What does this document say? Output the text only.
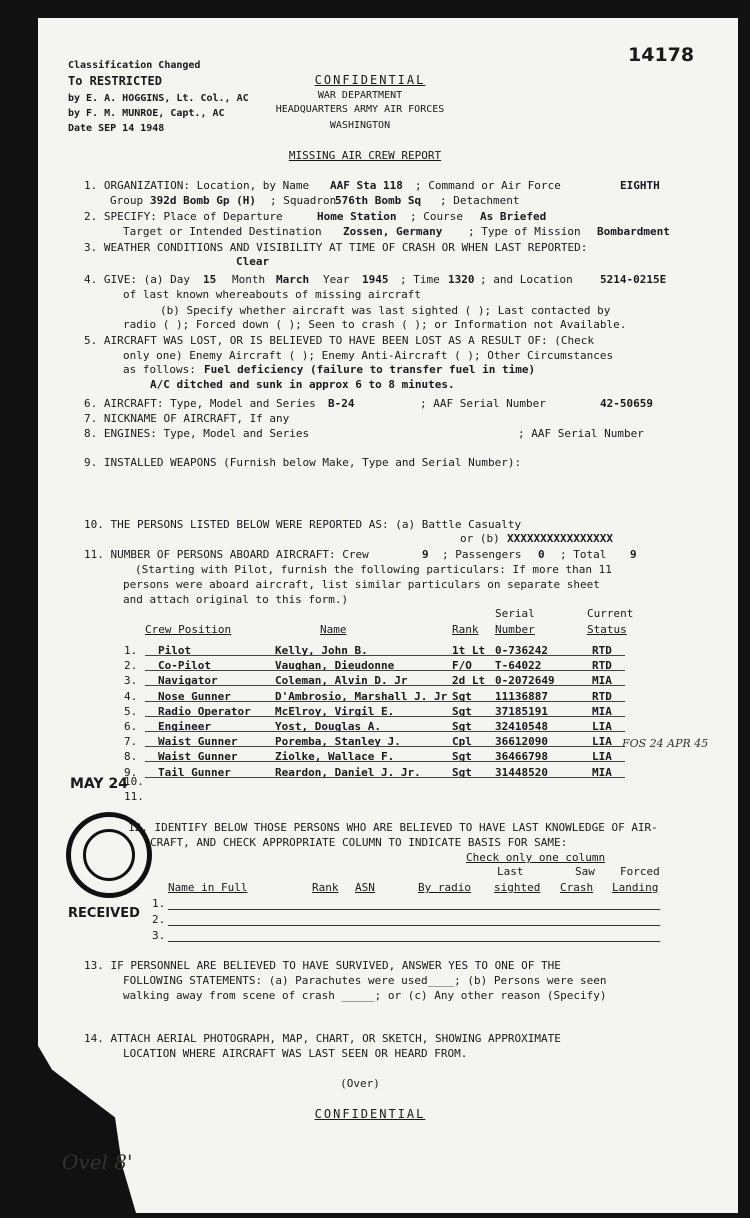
14178
Classification Changed
To RESTRICTED
by E. A. HOGGINS, Lt. Col., AC
by F. M. MUNROE, Capt., AC
Date SEP 14 1948
CONFIDENTIAL
WAR DEPARTMENT
HEADQUARTERS ARMY AIR FORCES
WASHINGTON
MISSING AIR CREW REPORT
1. ORGANIZATION: Location, by Name AAF Sta 118 ; Command or Air Force	EIGHTH
Group 392d Bomb Gp (H) ; Squadron
576th Bomb Sq ; Detachment
2. SPECIFY: Place of Departure	Home Station ; Course As Briefed
Target or Intended Destination Zossen, Germany ; Type of Mission Bombardment
3. WEATHER CONDITIONS AND VISIBILITY AT TIME OF CRASH OR WHEN LAST REPORTED:
Clear
4. GIVE: (a) Day 15 Month March Year 1945 ; Time 1320 ; and Location 5214-0215E
of last known whereabouts of missing aircraft
(b) Specify whether aircraft was last sighted ( ); Last contacted by
radio ( ); Forced down ( ); Seen to crash ( ); or Information not Available.
5. AIRCRAFT WAS LOST, OR IS BELIEVED TO HAVE BEEN LOST AS A RESULT OF: (Check
only one) Enemy Aircraft ( ); Enemy Anti-Aircraft ( ); Other Circumstances
as follows: Fuel deficiency (failure to transfer fuel in time)
A/C ditched and sunk in approx 6 to 8 minutes.
6. AIRCRAFT: Type, Model and Series B-24	; AAF Serial Number	42-50659
7. NICKNAME OF AIRCRAFT, If any
8. ENGINES: Type, Model and Series	; AAF Serial Number
9. INSTALLED WEAPONS (Furnish below Make, Type and Serial Number):
10. THE PERSONS LISTED BELOW WERE REPORTED AS: (a) Battle Casualty
or (b) XXXXXXXXXXXXXXXX
11. NUMBER OF PERSONS ABOARD AIRCRAFT: Crew	9 ; Passengers 0 ; Total 9
(Starting with Pilot, furnish the following particulars: If more than 11
persons were aboard aircraft, list similar particulars on separate sheet
and attach original to this form.)
Serial	Current
Crew Position	Name	Rank Number	Status
1. Pilot	Kelly, John B.	1t Lt 0-736242	RTD
2. Co-Pilot	Vaughan, Dieudonne	F/O T-64022	RTD
3. Navigator	Coleman, Alvin D. Jr	2d Lt 0-2072649	MIA
4. Nose Gunner	D'Ambrosio, Marshall J. Jr Sgt 11136887	RTD
5. Radio Operator McElroy, Virgil E.	Sgt 37185191	MIA
6. Engineer	Yost, Douglas A.	Sgt 32410548	LIA
7. Waist Gunner	Poremba, Stanley J.	Cpl 36612090	LIA
8. Waist Gunner	Ziolke, Wallace F.	Sgt 36466798	LIA
9. Tail Gunner	Reardon, Daniel J. Jr.	Sgt 31448520	MIA
10.
11.
MAY 24
FOS 24 APR 45
RECEIVED
12. IDENTIFY BELOW THOSE PERSONS WHO ARE BELIEVED TO HAVE LAST KNOWLEDGE OF AIR-
CRAFT, AND CHECK APPROPRIATE COLUMN TO INDICATE BASIS FOR SAME:
Check only one column
Last	Saw Forced
Name in Full	Rank ASN	By radio sighted Crash Landing
1.
2.
3.
13. IF PERSONNEL ARE BELIEVED TO HAVE SURVIVED, ANSWER YES TO ONE OF THE
FOLLOWING STATEMENTS: (a) Parachutes were used____; (b) Persons were seen
walking away from scene of crash _____; or (c) Any other reason (Specify)
14. ATTACH AERIAL PHOTOGRAPH, MAP, CHART, OR SKETCH, SHOWING APPROXIMATE
LOCATION WHERE AIRCRAFT WAS LAST SEEN OR HEARD FROM.
(Over)
CONFIDENTIAL
Ovel 8'
